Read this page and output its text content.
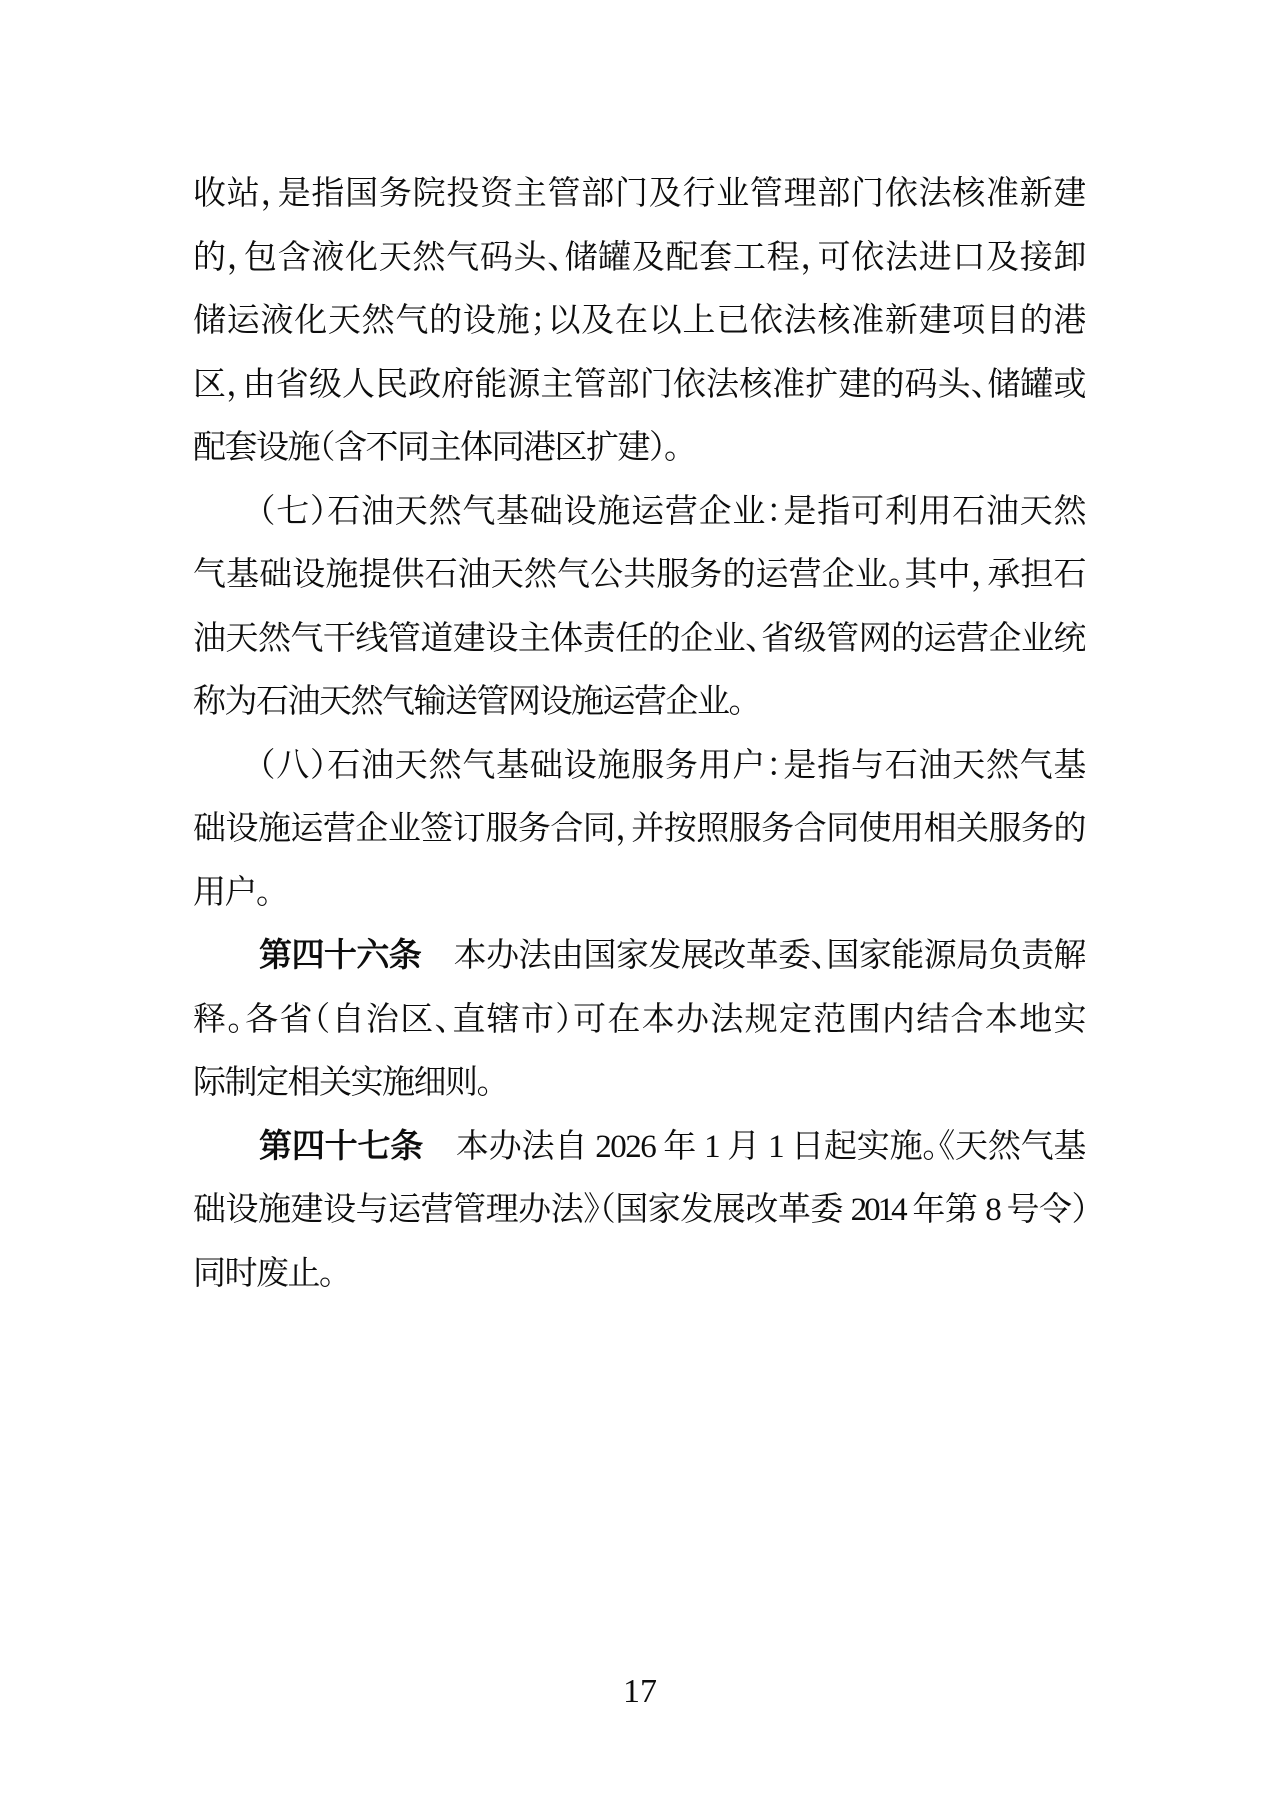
收站，是指国务院投资主管部门及行业管理部门依法核准新建
的，包含液化天然气码头、储罐及配套工程，可依法进口及接卸
储运液化天然气的设施；以及在以上已依法核准新建项目的港
区，由省级人民政府能源主管部门依法核准扩建的码头、储罐或
配套设施（含不同主体同港区扩建）。
（七）石油天然气基础设施运营企业：是指可利用石油天然
气基础设施提供石油天然气公共服务的运营企业。其中，承担石
油天然气干线管道建设主体责任的企业、省级管网的运营企业统
称为石油天然气输送管网设施运营企业。
（八）石油天然气基础设施服务用户：是指与石油天然气基
础设施运营企业签订服务合同，并按照服务合同使用相关服务的
用户。
第四十六条　本办法由国家发展改革委、国家能源局负责解
释。各省（自治区、直辖市）可在本办法规定范围内结合本地实
际制定相关实施细则。
第四十七条　本办法自 2026 年 1 月 1 日起实施。《天然气基
础设施建设与运营管理办法》（国家发展改革委 2014 年第 8 号令）
同时废止。
17
